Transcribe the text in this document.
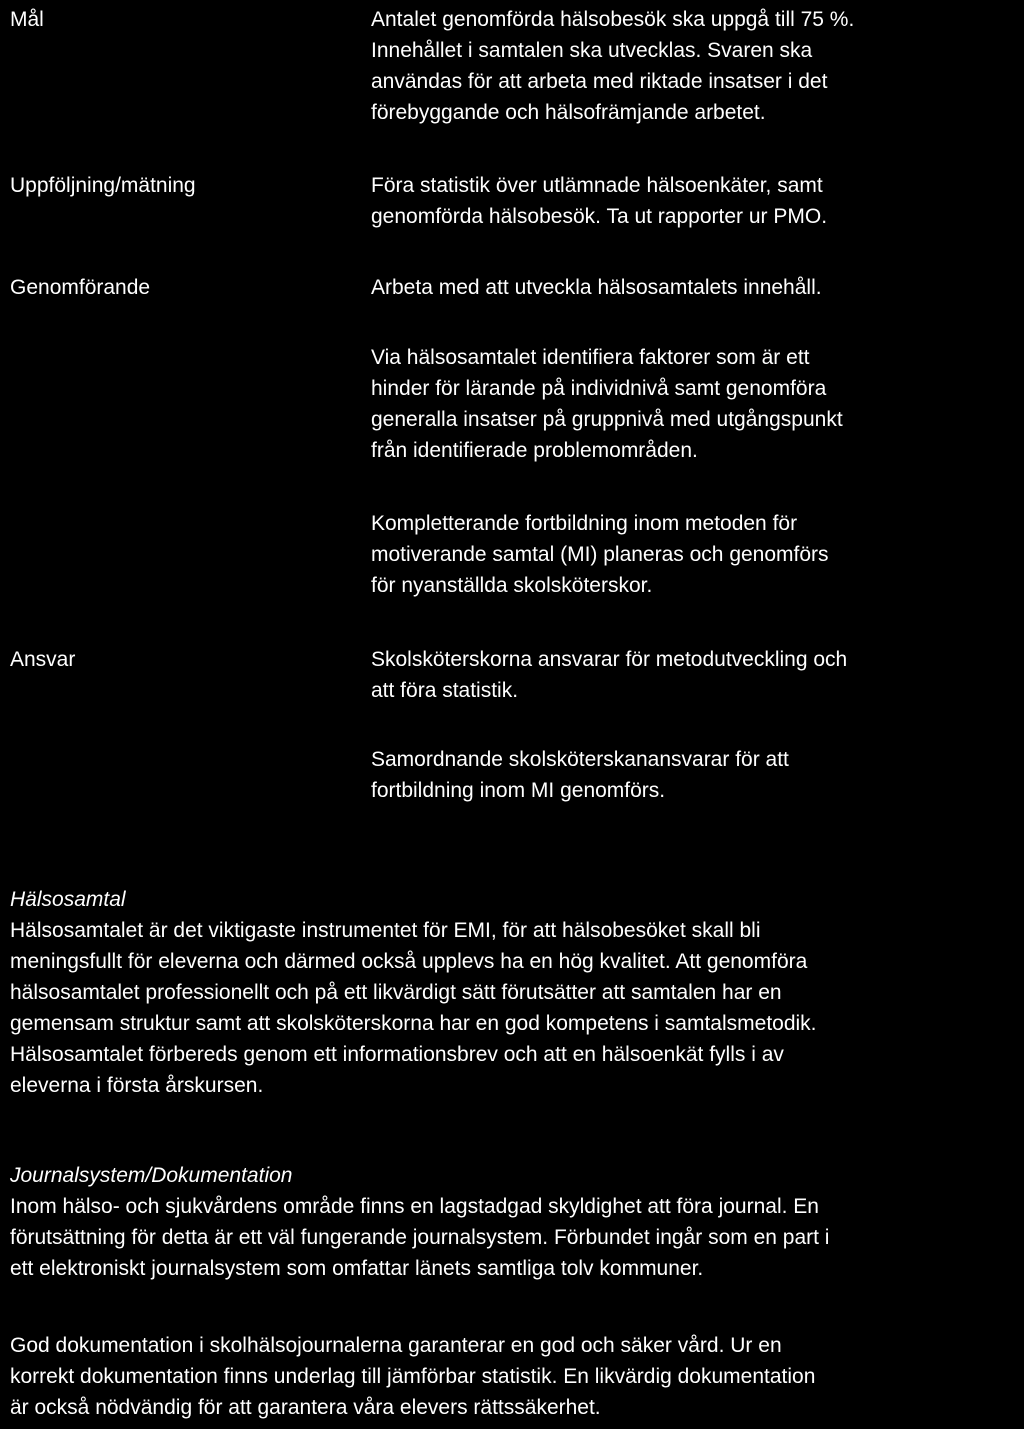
Mål	Antalet genomförda hälsobesök ska uppgå till 75 %.
Innehållet i samtalen ska utvecklas. Svaren ska
användas för att arbeta med riktade insatser i det
förebyggande och hälsofrämjande arbetet.
Uppföljning/mätning	Föra statistik över utlämnade hälsoenkäter, samt
genomförda hälsobesök. Ta ut rapporter ur PMO.
Genomförande	Arbeta med att utveckla hälsosamtalets innehåll.
Via hälsosamtalet identifiera faktorer som är ett
hinder för lärande på individnivå samt genomföra
generalla insatser på gruppnivå med utgångspunkt
från identifierade problemområden.
Kompletterande fortbildning inom metoden för
motiverande samtal (MI) planeras och genomförs
för nyanställda skolsköterskor.
Ansvar	Skolsköterskorna ansvarar för metodutveckling och
att föra statistik.
Samordnande skolsköterskanansvarar för att
fortbildning inom MI genomförs.
Hälsosamtal
Hälsosamtalet är det viktigaste instrumentet för EMI, för att hälsobesöket skall bli
meningsfullt för eleverna och därmed också upplevs ha en hög kvalitet. Att genomföra
hälsosamtalet professionellt och på ett likvärdigt sätt förutsätter att samtalen har en
gemensam struktur samt att skolsköterskorna har en god kompetens i samtalsmetodik.
Hälsosamtalet förbereds genom ett informationsbrev och att en hälsoenkät fylls i av
eleverna i första årskursen.
Journalsystem/Dokumentation
Inom hälso- och sjukvårdens område finns en lagstadgad skyldighet att föra journal. En
förutsättning för detta är ett väl fungerande journalsystem. Förbundet ingår som en part i
ett elektroniskt journalsystem som omfattar länets samtliga tolv kommuner.
God dokumentation i skolhälsojournalerna garanterar en god och säker vård. Ur en
korrekt dokumentation finns underlag till jämförbar statistik. En likvärdig dokumentation
är också nödvändig för att garantera våra elevers rättssäkerhet.
